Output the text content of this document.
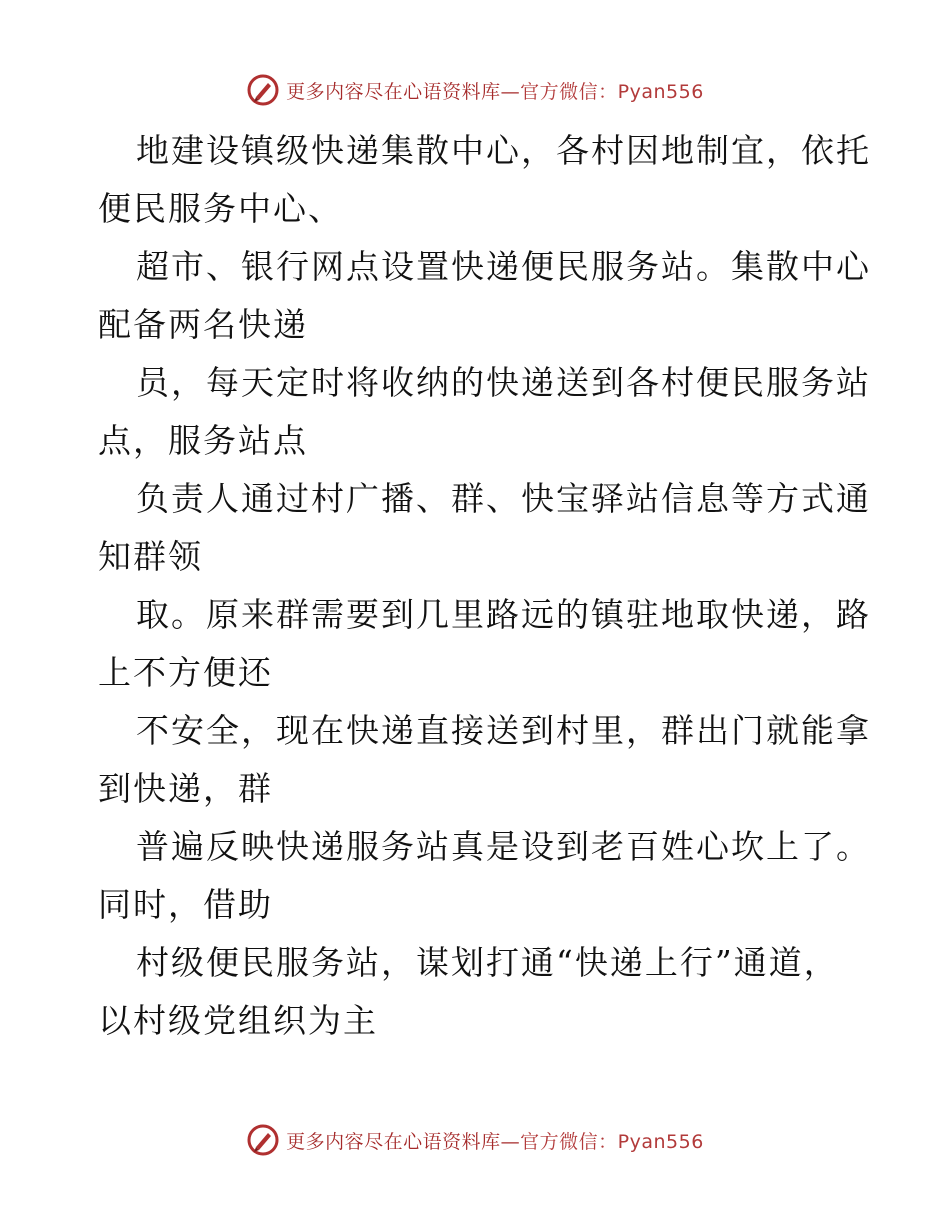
更多内容尽在心语资料库—官方微信：Pyan556

地建设镇级快递集散中心，各村因地制宜，依托
便民服务中心、

超市、银行网点设置快递便民服务站。集散中心
配备两名快递

员，每天定时将收纳的快递送到各村便民服务站
点，服务站点

负责人通过村广播、群、快宝驿站信息等方式通
知群领

取。原来群需要到几里路远的镇驻地取快递，路
上不方便还

不安全，现在快递直接送到村里，群出门就能拿
到快递，群

普遍反映快递服务站真是设到老百姓心坎上了。
同时，借助

村级便民服务站，谋划打通“快递上行”通道，
以村级党组织为主

更多内容尽在心语资料库—官方微信：Pyan556
